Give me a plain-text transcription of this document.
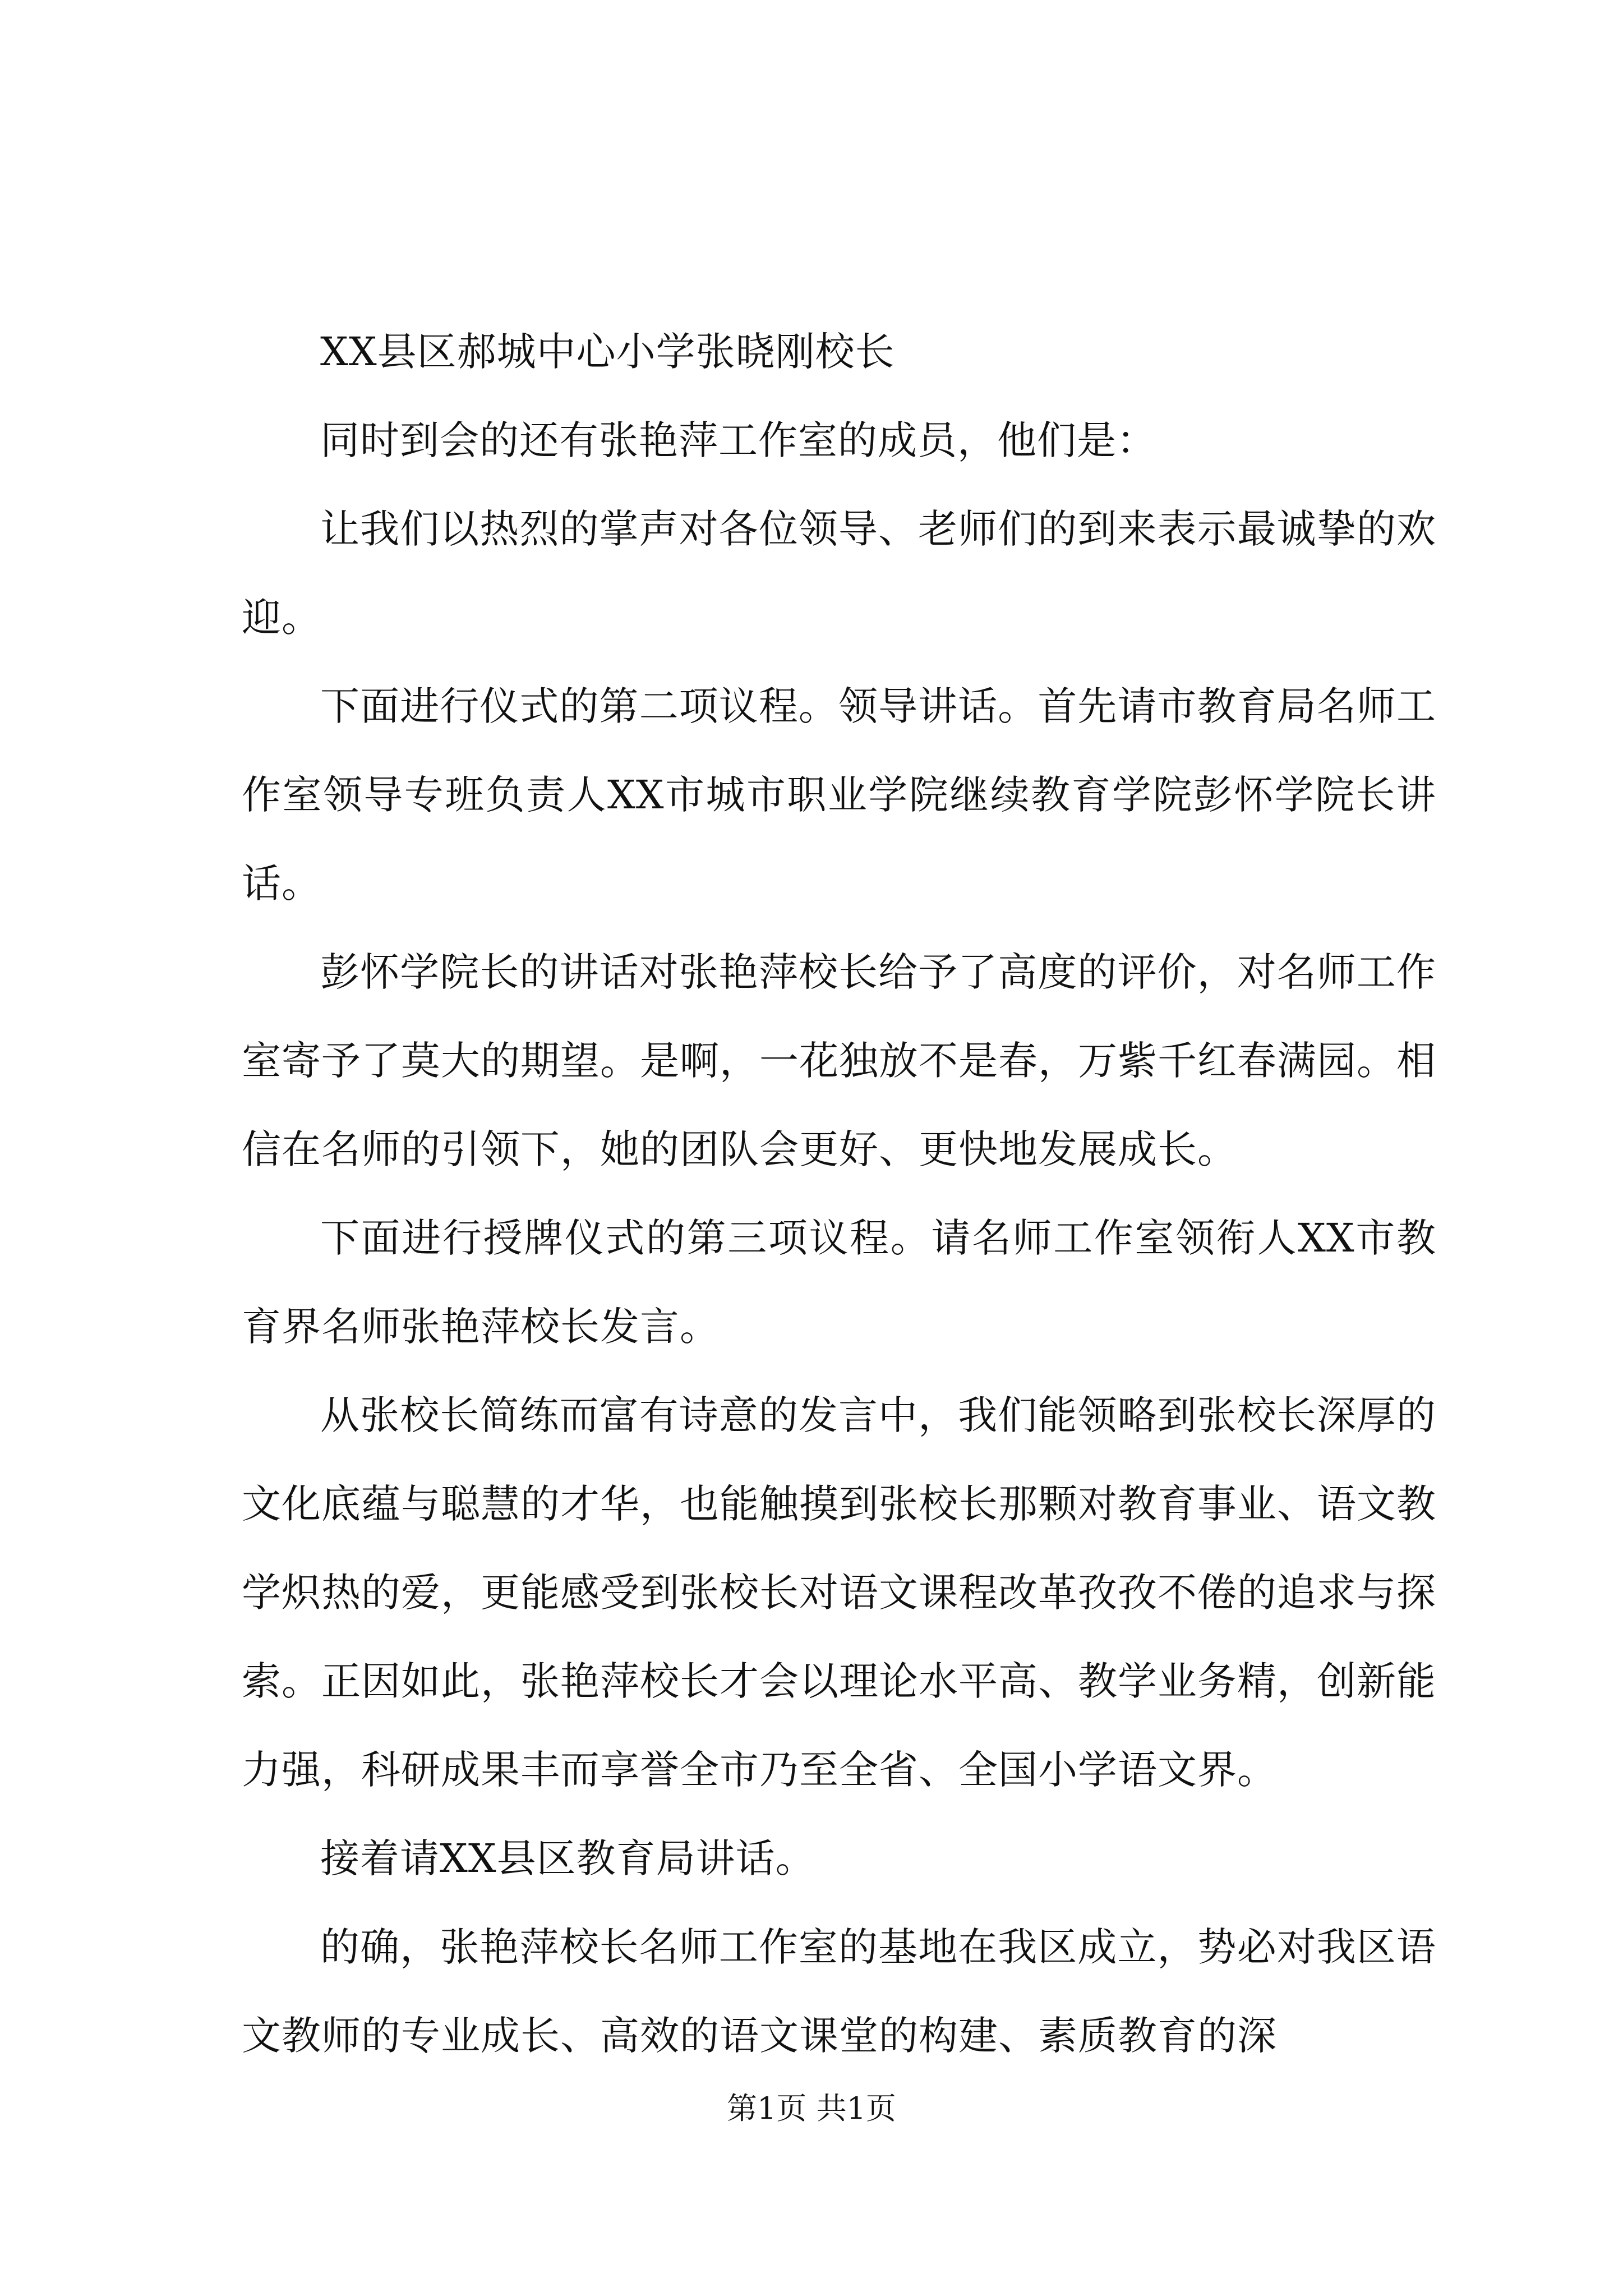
XX县区郝城中心小学张晓刚校长

同时到会的还有张艳萍工作室的成员，他们是：

让我们以热烈的掌声对各位领导、老师们的到来表示最诚挚的欢迎。

下面进行仪式的第二项议程。领导讲话。首先请市教育局名师工作室领导专班负责人XX市城市职业学院继续教育学院彭怀学院长讲话。

彭怀学院长的讲话对张艳萍校长给予了高度的评价，对名师工作室寄予了莫大的期望。是啊，一花独放不是春，万紫千红春满园。相信在名师的引领下，她的团队会更好、更快地发展成长。

下面进行授牌仪式的第三项议程。请名师工作室领衔人XX市教育界名师张艳萍校长发言。

从张校长简练而富有诗意的发言中，我们能领略到张校长深厚的文化底蕴与聪慧的才华，也能触摸到张校长那颗对教育事业、语文教学炽热的爱，更能感受到张校长对语文课程改革孜孜不倦的追求与探索。正因如此，张艳萍校长才会以理论水平高、教学业务精，创新能力强，科研成果丰而享誉全市乃至全省、全国小学语文界。

接着请XX县区教育局讲话。

的确，张艳萍校长名师工作室的基地在我区成立，势必对我区语文教师的专业成长、高效的语文课堂的构建、素质教育的深

第1页 共1页
